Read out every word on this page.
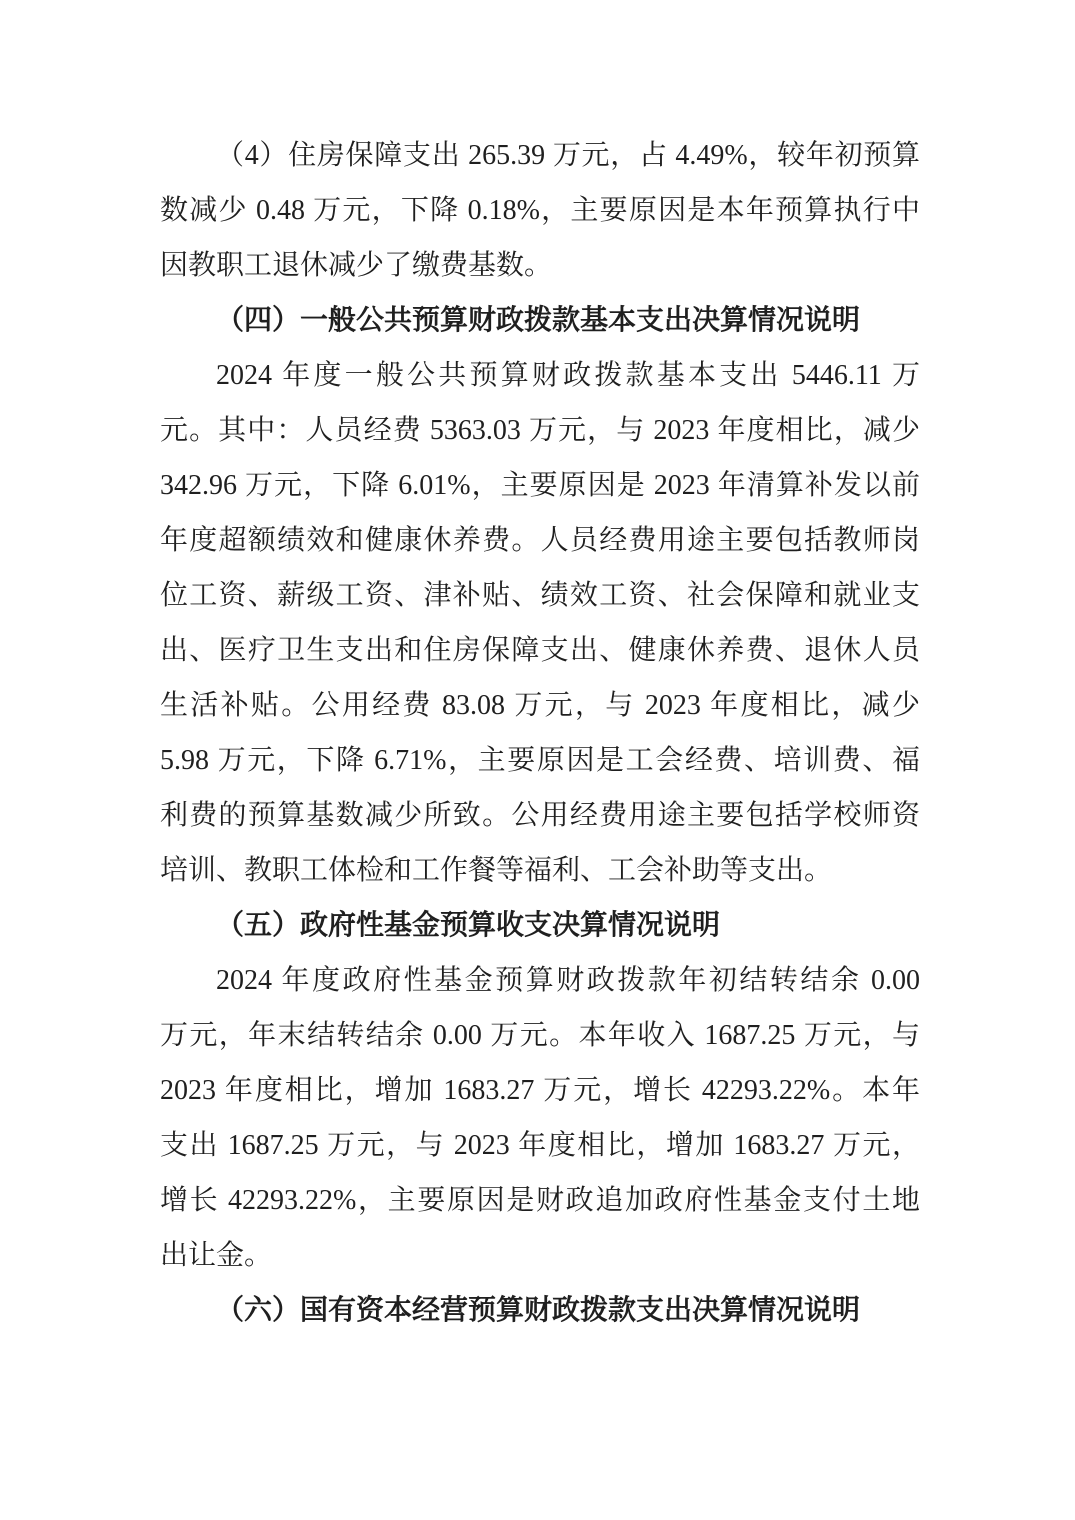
（4）住房保障支出 265.39 万元，占 4.49%，较年初预算
数减少 0.48 万元，下降 0.18%，主要原因是本年预算执行中
因教职工退休减少了缴费基数。
（四）一般公共预算财政拨款基本支出决算情况说明
2024 年度一般公共预算财政拨款基本支出 5446.11 万
元。其中：人员经费 5363.03 万元，与 2023 年度相比，减少
342.96 万元，下降 6.01%，主要原因是 2023 年清算补发以前
年度超额绩效和健康休养费。人员经费用途主要包括教师岗
位工资、薪级工资、津补贴、绩效工资、社会保障和就业支
出、医疗卫生支出和住房保障支出、健康休养费、退休人员
生活补贴。公用经费 83.08 万元，与 2023 年度相比，减少
5.98 万元，下降 6.71%，主要原因是工会经费、培训费、福
利费的预算基数减少所致。公用经费用途主要包括学校师资
培训、教职工体检和工作餐等福利、工会补助等支出。
（五）政府性基金预算收支决算情况说明
2024 年度政府性基金预算财政拨款年初结转结余 0.00
万元，年末结转结余 0.00 万元。本年收入 1687.25 万元，与
2023 年度相比，增加 1683.27 万元，增长 42293.22%。本年
支出 1687.25 万元，与 2023 年度相比，增加 1683.27 万元，
增长 42293.22%，主要原因是财政追加政府性基金支付土地
出让金。
（六）国有资本经营预算财政拨款支出决算情况说明
